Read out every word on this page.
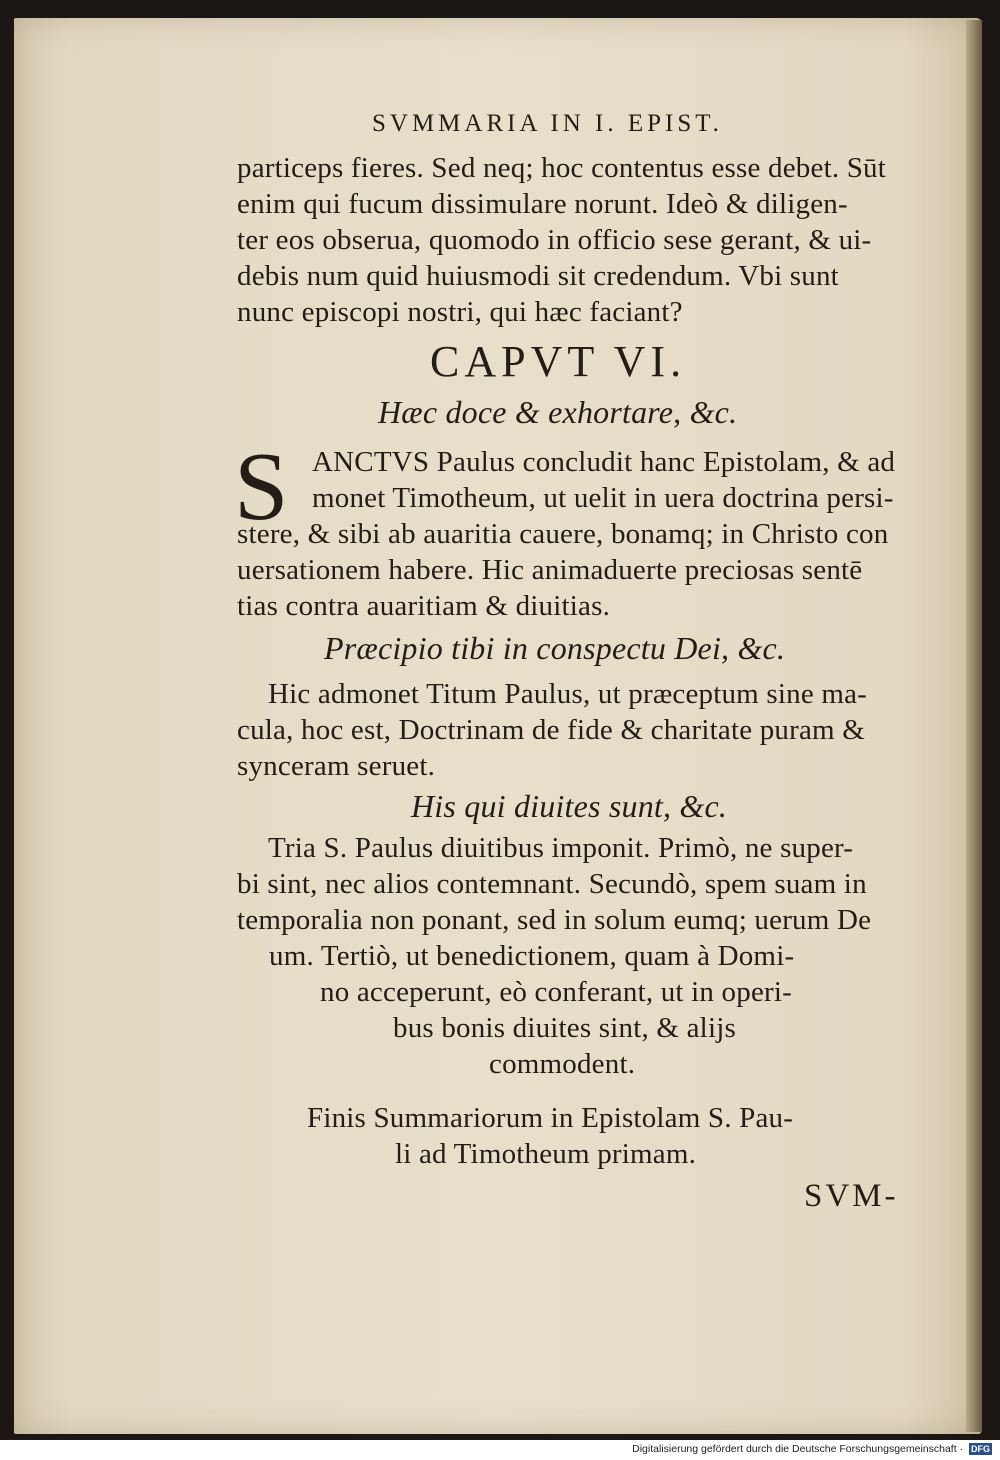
SVMMARIA IN I. EPIST.
particeps fieres. Sed neq; hoc contentus esse debet. Sūt
enim qui fucum dissimulare norunt. Ideò & diligen-
ter eos obserua, quomodo in officio sese gerant, & ui-
debis num quid huiusmodi sit credendum. Vbi sunt
nunc episcopi nostri, qui hæc faciant?
CAPVT VI.
Hæc doce & exhortare, &c.
S ANCTVS Paulus concludit hanc Epistolam, & ad
monet Timotheum, ut uelit in uera doctrina persi-
stere, & sibi ab auaritia cauere, bonamq; in Christo con
uersationem habere. Hic animaduerte preciosas sentē
tias contra auaritiam & diuitias.
Præcipio tibi in conspectu Dei, &c.
Hic admonet Titum Paulus, ut præceptum sine ma-
cula, hoc est, Doctrinam de fide & charitate puram &
synceram seruet.
His qui diuites sunt, &c.
Tria S. Paulus diuitibus imponit. Primò, ne super-
bi sint, nec alios contemnant. Secundò, spem suam in
temporalia non ponant, sed in solum eumq; uerum De
um. Tertiò, ut benedictionem, quam à Domi-
no acceperunt, eò conferant, ut in operi-
bus bonis diuites sint, & alijs
commodent.
Finis Summariorum in Epistolam S. Pau-
li ad Timotheum primam.
SVM-
Digitalisierung gefördert durch die Deutsche Forschungsgemeinschaft · DFG
